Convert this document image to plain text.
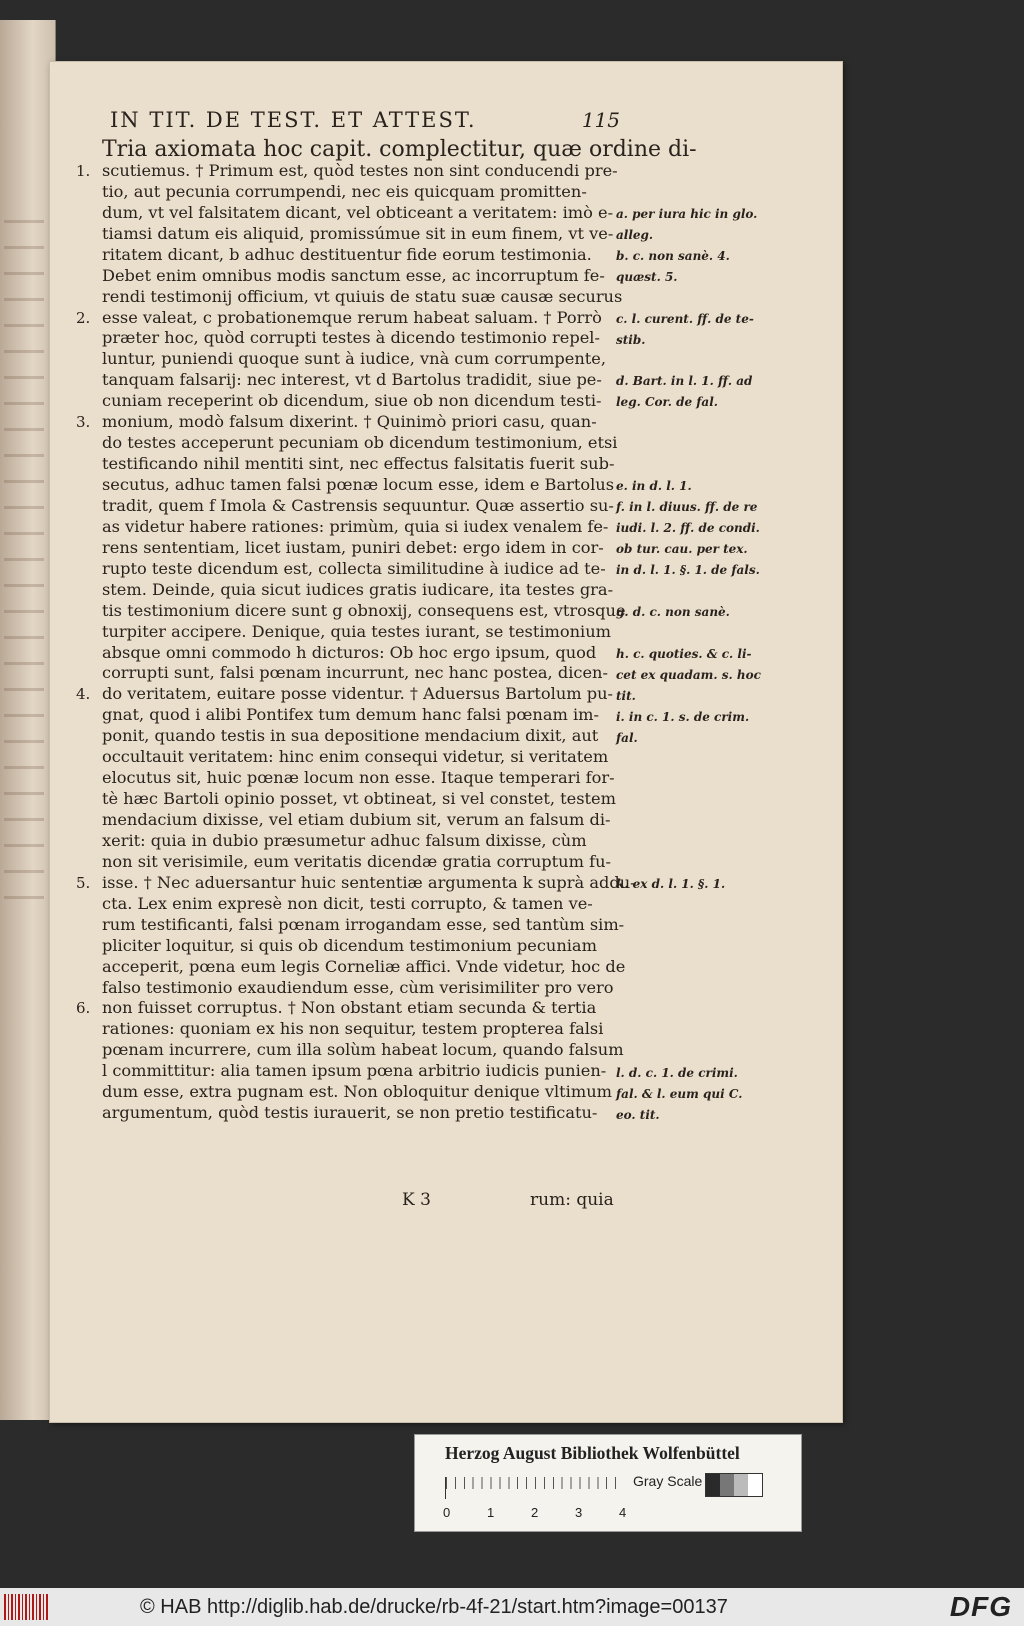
IN TIT. DE TEST. ET ATTEST.	115
Tria axiomata hoc capit. complectitur, quæ ordine di-
1. scutiemus. † Primum est, quòd testes non sint conducendi pre-
tio, aut pecunia corrumpendi, nec eis quicquam promitten-
dum, vt vel falsitatem dicant, vel obticeant a veritatem: imò e-
tiamsi datum eis aliquid, promissúmue sit in eum finem, vt ve-
ritatem dicant, b adhuc destituentur fide eorum testimonia.
Debet enim omnibus modis sanctum esse, ac incorruptum fe-
rendi testimonij officium, vt quiuis de statu suæ causæ securus
2. esse valeat, c probationemque rerum habeat saluam. † Porrò
præter hoc, quòd corrupti testes à dicendo testimonio repel-
luntur, puniendi quoque sunt à iudice, vnà cum corrumpente,
tanquam falsarij: nec interest, vt d Bartolus tradidit, siue pe-
cuniam receperint ob dicendum, siue ob non dicendum testi-
3. monium, modò falsum dixerint. † Quinimò priori casu, quan-
do testes acceperunt pecuniam ob dicendum testimonium, etsi
testificando nihil mentiti sint, nec effectus falsitatis fuerit sub-
secutus, adhuc tamen falsi pœnæ locum esse, idem e Bartolus
tradit, quem f Imola & Castrensis sequuntur. Quæ assertio su-
as videtur habere rationes: primùm, quia si iudex venalem fe-
rens sententiam, licet iustam, puniri debet: ergo idem in cor-
rupto teste dicendum est, collecta similitudine à iudice ad te-
stem. Deinde, quia sicut iudices gratis iudicare, ita testes gra-
tis testimonium dicere sunt g obnoxij, consequens est, vtrosque
turpiter accipere. Denique, quia testes iurant, se testimonium
absque omni commodo h dicturos: Ob hoc ergo ipsum, quod
corrupti sunt, falsi pœnam incurrunt, nec hanc postea, dicen-
4. do veritatem, euitare posse videntur. † Aduersus Bartolum pu-
gnat, quod i alibi Pontifex tum demum hanc falsi pœnam im-
ponit, quando testis in sua depositione mendacium dixit, aut
occultauit veritatem: hinc enim consequi videtur, si veritatem
elocutus sit, huic pœnæ locum non esse. Itaque temperari for-
tè hæc Bartoli opinio posset, vt obtineat, si vel constet, testem
mendacium dixisse, vel etiam dubium sit, verum an falsum di-
xerit: quia in dubio præsumetur adhuc falsum dixisse, cùm
non sit verisimile, eum veritatis dicendæ gratia corruptum fu-
5. isse. † Nec aduersantur huic sententiæ argumenta k suprà addu-
cta. Lex enim expresè non dicit, testi corrupto, & tamen ve-
rum testificanti, falsi pœnam irrogandam esse, sed tantùm sim-
pliciter loquitur, si quis ob dicendum testimonium pecuniam
acceperit, pœna eum legis Corneliæ affici. Vnde videtur, hoc de
falso testimonio exaudiendum esse, cùm verisimiliter pro vero
6. non fuisset corruptus. † Non obstant etiam secunda & tertia
rationes: quoniam ex his non sequitur, testem propterea falsi
pœnam incurrere, cum illa solùm habeat locum, quando falsum
l committitur: alia tamen ipsum pœna arbitrio iudicis punien-
dum esse, extra pugnam est. Non obloquitur denique vltimum
argumentum, quòd testis iurauerit, se non pretio testificatu-
a. per iura hic in glo.
alleg.
b. c. non sanè. 4.
quæst. 5.
c. l. curent. ff. de te-
stib.
d. Bart. in l. 1. ff. ad
leg. Cor. de fal.
e. in d. l. 1.
f. in l. diuus. ff. de re
iudi. l. 2. ff. de condi.
ob tur. cau. per tex.
in d. l. 1. §. 1. de fals.
g. d. c. non sanè.
h. c. quoties. & c. li-
cet ex quadam. s. hoc
tit.
i. in c. 1. s. de crim.
fal.
k. ex d. l. 1. §. 1.
l. d. c. 1. de crimi.
fal. & l. eum qui C.
eo. tit.
K 3	rum: quia
Herzog August Bibliothek Wolfenbüttel
0	1	2	3	4
Gray Scale
© HAB http://diglib.hab.de/drucke/rb-4f-21/start.htm?image=00137	DFG
